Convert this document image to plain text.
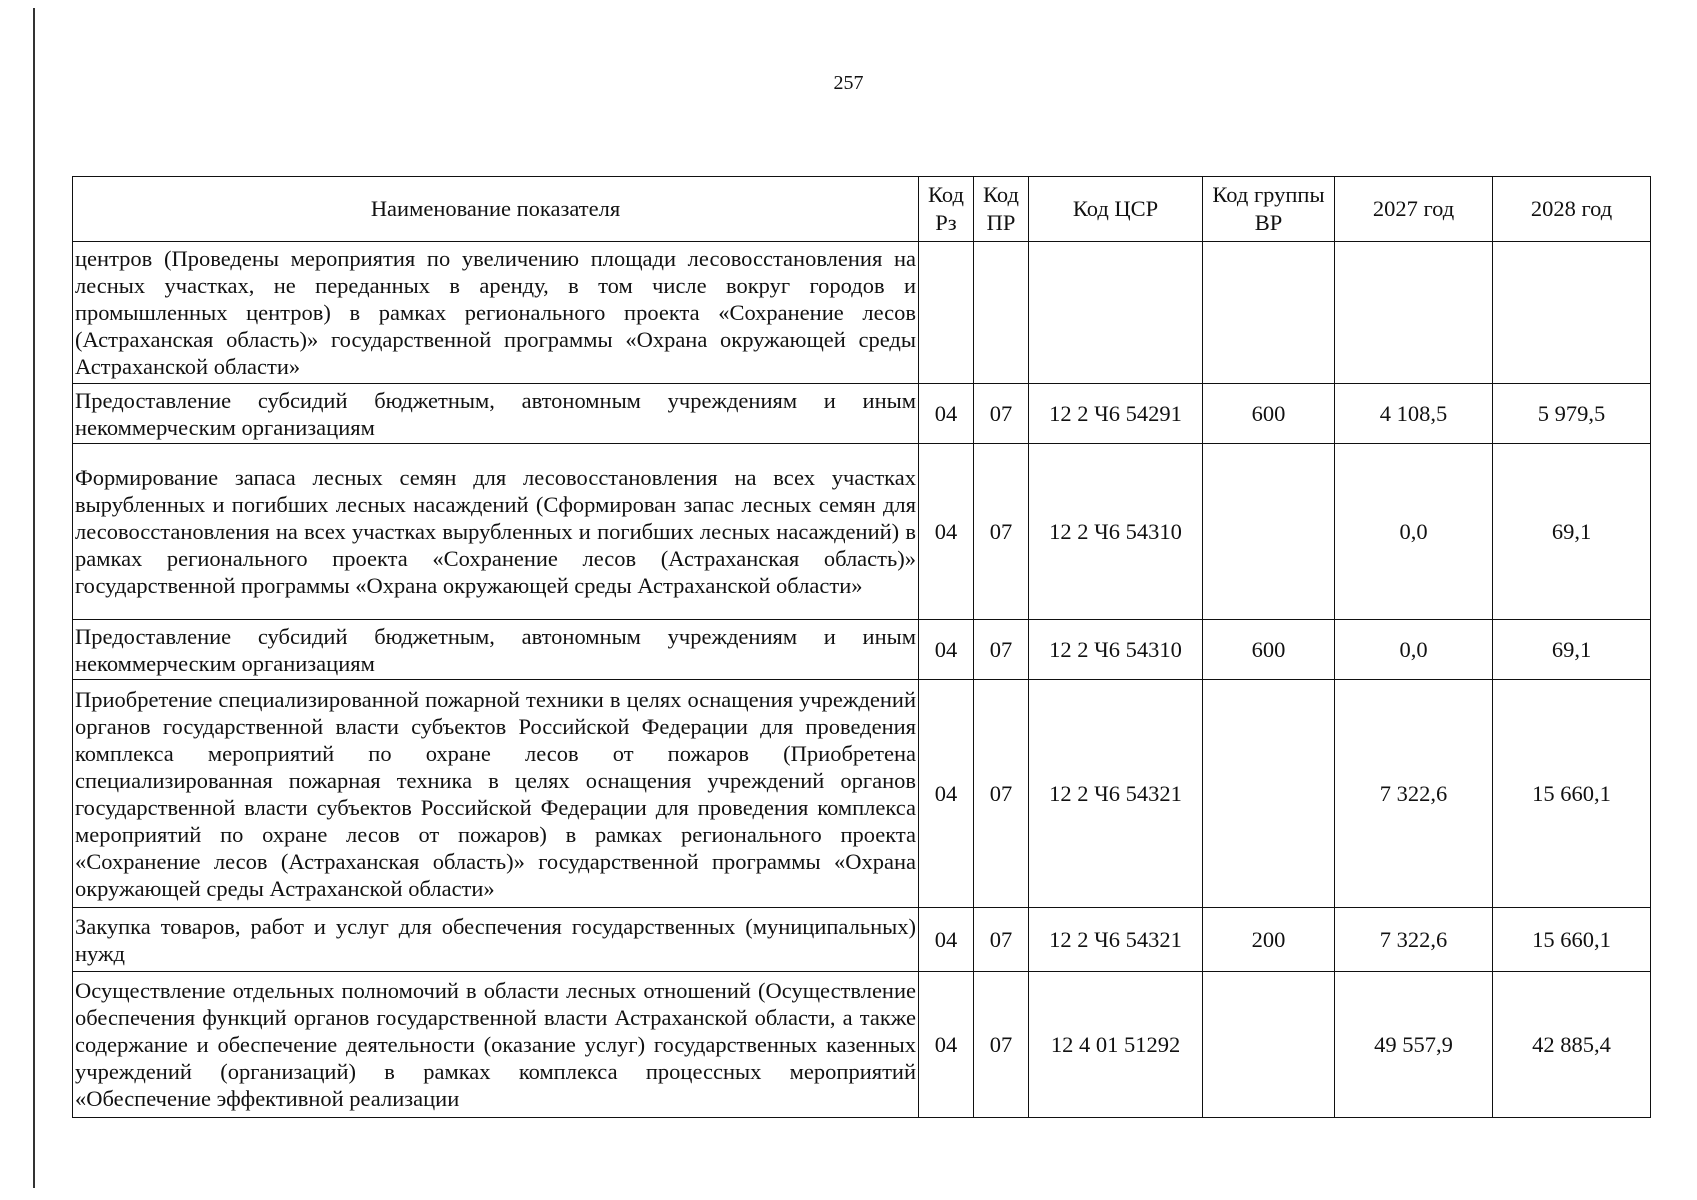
257
Наименование показателя	Код Рз	Код ПР	Код ЦСР	Код группы ВР	2027 год	2028 год
центров (Проведены мероприятия по увеличению площади лесовосстановления на лесных участках, не переданных в аренду, в том числе вокруг городов и промышленных центров) в рамках регионального проекта «Сохранение лесов (Астраханская область)» государственной программы «Охрана окружающей среды Астраханской области»						
Предоставление субсидий бюджетным, автономным учреждениям и иным некоммерческим организациям	04	07	12 2 Ч6 54291	600	4 108,5	5 979,5
Формирование запаса лесных семян для лесовосстановления на всех участках вырубленных и погибших лесных насаждений (Сформирован запас лесных семян для лесовосстановления на всех участках вырубленных и погибших лесных насаждений) в рамках регионального проекта «Сохранение лесов (Астраханская область)» государственной программы «Охрана окружающей среды Астраханской области»	04	07	12 2 Ч6 54310		0,0	69,1
Предоставление субсидий бюджетным, автономным учреждениям и иным некоммерческим организациям	04	07	12 2 Ч6 54310	600	0,0	69,1
Приобретение специализированной пожарной техники в целях оснащения учреждений органов государственной власти субъектов Российской Федерации для проведения комплекса мероприятий по охране лесов от пожаров (Приобретена специализированная пожарная техника в целях оснащения учреждений органов государственной власти субъектов Российской Федерации для проведения комплекса мероприятий по охране лесов от пожаров) в рамках регионального проекта «Сохранение лесов (Астраханская область)» государственной программы «Охрана окружающей среды Астраханской области»	04	07	12 2 Ч6 54321		7 322,6	15 660,1
Закупка товаров, работ и услуг для обеспечения государственных (муниципальных) нужд	04	07	12 2 Ч6 54321	200	7 322,6	15 660,1
Осуществление отдельных полномочий в области лесных отношений (Осуществление обеспечения функций органов государственной власти Астраханской области, а также содержание и обеспечение деятельности (оказание услуг) государственных казенных учреждений (организаций) в рамках комплекса процессных мероприятий «Обеспечение эффективной реализации	04	07	12 4 01 51292		49 557,9	42 885,4
